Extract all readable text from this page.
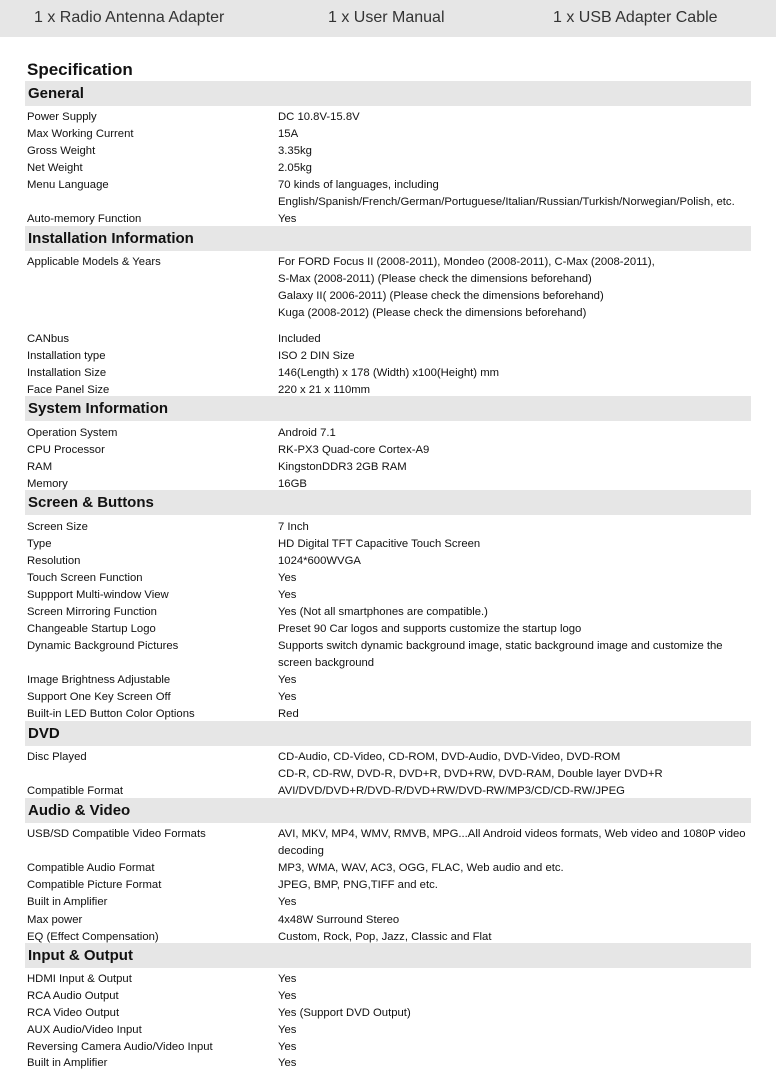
1 x Radio Antenna Adapter	1 x User Manual	1 x USB Adapter Cable
Specification
General
Power Supply	DC 10.8V-15.8V
Max Working Current	15A
Gross Weight	3.35kg
Net Weight	2.05kg
Menu Language	70 kinds of languages, including
English/Spanish/French/German/Portuguese/Italian/Russian/Turkish/Norwegian/Polish, etc.
Auto-memory Function	Yes
Installation Information
Applicable Models & Years	For FORD Focus II (2008-2011), Mondeo (2008-2011), C-Max (2008-2011),
S-Max (2008-2011) (Please check the dimensions beforehand)
Galaxy II( 2006-2011) (Please check the dimensions beforehand)
Kuga (2008-2012) (Please check the dimensions beforehand)
CANbus	Included
Installation type	ISO 2 DIN Size
Installation Size	146(Length) x 178 (Width) x100(Height) mm
Face Panel Size	220 x 21 x 110mm
System Information
Operation System	Android 7.1
CPU Processor	RK-PX3 Quad-core Cortex-A9
RAM	KingstonDDR3 2GB RAM
Memory	16GB
Screen & Buttons
Screen Size	7 Inch
Type	HD Digital TFT Capacitive Touch Screen
Resolution	1024*600WVGA
Touch Screen Function	Yes
Suppport Multi-window View	Yes
Screen Mirroring Function	Yes (Not all smartphones are compatible.)
Changeable Startup Logo	Preset 90 Car logos and supports customize the startup logo
Dynamic Background Pictures	Supports switch dynamic background image, static background image and customize the
screen background
Image Brightness Adjustable	Yes
Support One Key Screen Off	Yes
Built-in LED Button Color Options	Red
DVD
Disc Played	CD-Audio, CD-Video, CD-ROM, DVD-Audio, DVD-Video, DVD-ROM
CD-R, CD-RW, DVD-R, DVD+R, DVD+RW, DVD-RAM, Double layer DVD+R
Compatible Format	AVI/DVD/DVD+R/DVD-R/DVD+RW/DVD-RW/MP3/CD/CD-RW/JPEG
Audio & Video
USB/SD Compatible Video Formats	AVI, MKV, MP4, WMV, RMVB, MPG...All Android videos formats, Web video and 1080P video
decoding
Compatible Audio Format	MP3, WMA, WAV, AC3, OGG, FLAC, Web audio and etc.
Compatible Picture Format	JPEG, BMP, PNG,TIFF and etc.
Built in Amplifier	Yes
Max power	4x48W Surround Stereo
EQ (Effect Compensation)	Custom, Rock, Pop, Jazz, Classic and Flat
Input & Output
HDMI Input & Output	Yes
RCA Audio Output	Yes
RCA Video Output	Yes (Support DVD Output)
AUX Audio/Video Input	Yes
Reversing Camera Audio/Video Input	Yes
Built in Amplifier	Yes
